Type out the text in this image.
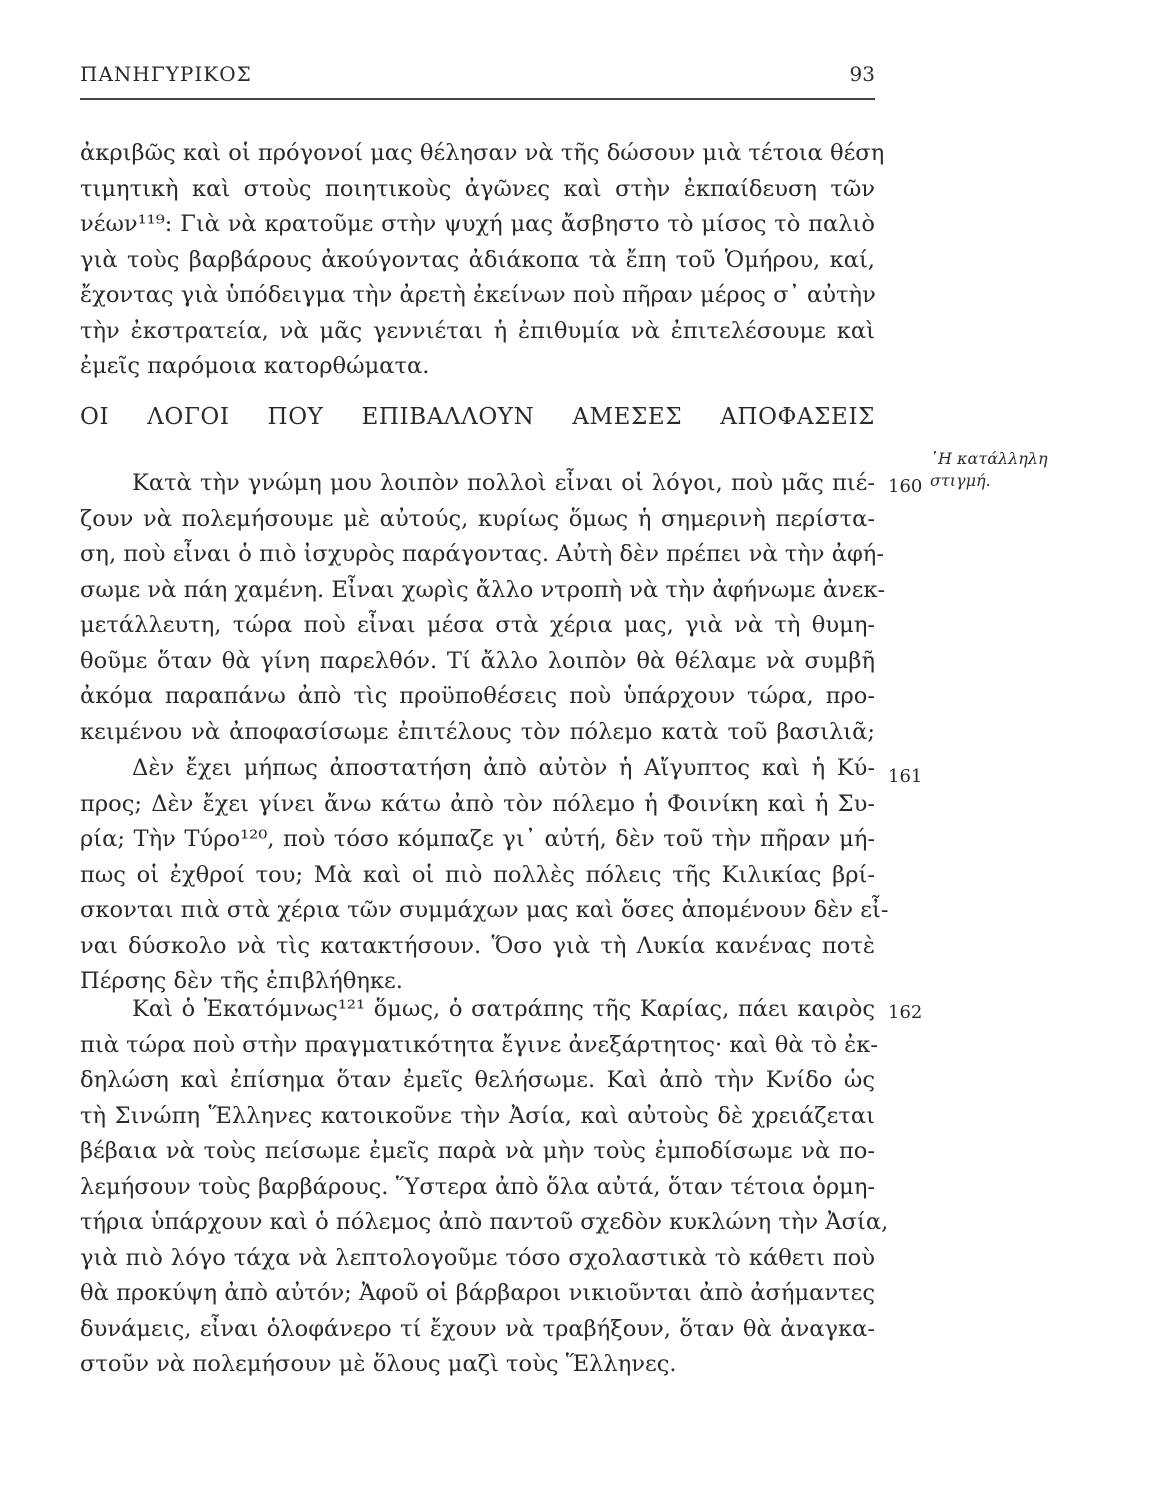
ΠΑΝΗΓΥΡΙΚΟΣ	93
ἀκριβῶς καὶ οἱ πρόγονοί μας θέλησαν νὰ τῆς δώσουν μιὰ τέτοια θέση
τιμητικὴ καὶ στοὺς ποιητικοὺς ἀγῶνες καὶ στὴν ἐκπαίδευση τῶν
νέων¹¹⁹: Γιὰ νὰ κρατοῦμε στὴν ψυχή μας ἄσβηστο τὸ μίσος τὸ παλιὸ
γιὰ τοὺς βαρβάρους ἀκούγοντας ἀδιάκοπα τὰ ἔπη τοῦ Ὁμήρου, καί,
ἔχοντας γιὰ ὑπόδειγμα τὴν ἀρετὴ ἐκείνων ποὺ πῆραν μέρος σ᾽ αὐτὴν
τὴν ἐκστρατεία, νὰ μᾶς γεννιέται ἡ ἐπιθυμία νὰ ἐπιτελέσουμε καὶ
ἐμεῖς παρόμοια κατορθώματα.
ΟΙ ΛΟΓΟΙ ΠΟΥ ΕΠΙΒΑΛΛΟΥΝ ΑΜΕΣΕΣ ΑΠΟΦΑΣΕΙΣ
῾Η κατάλληλη
στιγμή.
160
Κατὰ τὴν γνώμη μου λοιπὸν πολλοὶ εἶναι οἱ λόγοι, ποὺ μᾶς πιέ-
ζουν νὰ πολεμήσουμε μὲ αὐτούς, κυρίως ὅμως ἡ σημερινὴ περίστα-
ση, ποὺ εἶναι ὁ πιὸ ἰσχυρὸς παράγοντας. Αὐτὴ δὲν πρέπει νὰ τὴν ἀφή-
σωμε νὰ πάη χαμένη. Εἶναι χωρὶς ἄλλο ντροπὴ νὰ τὴν ἀφήνωμε ἀνεκ-
μετάλλευτη, τώρα ποὺ εἶναι μέσα στὰ χέρια μας, γιὰ νὰ τὴ θυμη-
θοῦμε ὅταν θὰ γίνη παρελθόν. Τί ἄλλο λοιπὸν θὰ θέλαμε νὰ συμβῆ
ἀκόμα παραπάνω ἀπὸ τὶς προϋποθέσεις ποὺ ὑπάρχουν τώρα, προ-
κειμένου νὰ ἀποφασίσωμε ἐπιτέλους τὸν πόλεμο κατὰ τοῦ βασιλιᾶ;
161
Δὲν ἔχει μήπως ἀποστατήση ἀπὸ αὐτὸν ἡ Αἴγυπτος καὶ ἡ Κύ-
προς; Δὲν ἔχει γίνει ἄνω κάτω ἀπὸ τὸν πόλεμο ἡ Φοινίκη καὶ ἡ Συ-
ρία; Τὴν Τύρο¹²⁰, ποὺ τόσο κόμπαζε γι᾽ αὐτή, δὲν τοῦ τὴν πῆραν μή-
πως οἱ ἐχθροί του; Μὰ καὶ οἱ πιὸ πολλὲς πόλεις τῆς Κιλικίας βρί-
σκονται πιὰ στὰ χέρια τῶν συμμάχων μας καὶ ὅσες ἀπομένουν δὲν εἶ-
ναι δύσκολο νὰ τὶς κατακτήσουν. Ὅσο γιὰ τὴ Λυκία κανένας ποτὲ
Πέρσης δὲν τῆς ἐπιβλήθηκε.
162
Καὶ ὁ Ἑκατόμνως¹²¹ ὅμως, ὁ σατράπης τῆς Καρίας, πάει καιρὸς
πιὰ τώρα ποὺ στὴν πραγματικότητα ἔγινε ἀνεξάρτητος· καὶ θὰ τὸ ἐκ-
δηλώση καὶ ἐπίσημα ὅταν ἐμεῖς θελήσωμε. Καὶ ἀπὸ τὴν Κνίδο ὡς
τὴ Σινώπη Ἕλληνες κατοικοῦνε τὴν Ἀσία, καὶ αὐτοὺς δὲ χρειάζεται
βέβαια νὰ τοὺς πείσωμε ἐμεῖς παρὰ νὰ μὴν τοὺς ἐμποδίσωμε νὰ πο-
λεμήσουν τοὺς βαρβάρους. Ὕστερα ἀπὸ ὅλα αὐτά, ὅταν τέτοια ὁρμη-
τήρια ὑπάρχουν καὶ ὁ πόλεμος ἀπὸ παντοῦ σχεδὸν κυκλώνη τὴν Ἀσία,
γιὰ πιὸ λόγο τάχα νὰ λεπτολογοῦμε τόσο σχολαστικὰ τὸ κάθετι ποὺ
θὰ προκύψη ἀπὸ αὐτόν; Ἀφοῦ οἱ βάρβαροι νικιοῦνται ἀπὸ ἀσήμαντες
δυνάμεις, εἶναι ὁλοφάνερο τί ἔχουν νὰ τραβήξουν, ὅταν θὰ ἀναγκα-
στοῦν νὰ πολεμήσουν μὲ ὅλους μαζὶ τοὺς Ἕλληνες.
